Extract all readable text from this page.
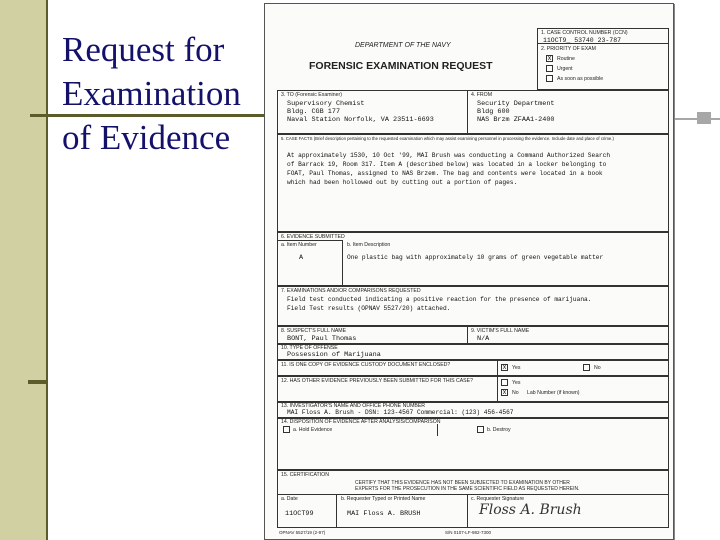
Request for
Examination
of Evidence
DEPARTMENT OF THE NAVY
FORENSIC EXAMINATION REQUEST
1. CASE CONTROL NUMBER (CCN)
11OCT9_ 53740 23-787
2. PRIORITY OF EXAM
x	Routine
Urgent
As soon as possible
3. TO (Forensic Examiner)
Supervisory Chemist
Bldg. CGB 177
Naval Station Norfolk, VA 23511-6693
4. FROM
Security Department
Bldg 600
NAS Brzm ZFAA1-2400
5. CASE FACTS (Brief description pertaining to the requested examination which may assist examining personnel in processing the evidence. Include date and place of crime.)
At approximately 1530, 10 Oct '99, MAI Brush was conducting a Command Authorized Search
of Barrack 19, Room 317. Item A (described below) was located in a locker belonging to
FOAT, Paul Thomas, assigned to NAS Brzem. The bag and contents were located in a book
which had been hollowed out by cutting out a portion of pages.
6. EVIDENCE SUBMITTED
a. Item Number	b. Item Description
A	One plastic bag with approximately 10 grams of green vegetable matter
7. EXAMINATIONS AND/OR COMPARISONS REQUESTED
Field test conducted indicating a positive reaction for the presence of marijuana.
Field Test results (OPNAV 5527/20) attached.
8. SUSPECT'S FULL NAME
BONT, Paul Thomas
9. VICTIM'S FULL NAME
N/A
10. TYPE OF OFFENSE
Possession of Marijuana
11. IS ONE COPY OF EVIDENCE CUSTODY DOCUMENT ENCLOSED?	x	Yes	No
12. HAS OTHER EVIDENCE PREVIOUSLY BEEN SUBMITTED FOR THIS CASE?	Yes
x	No Lab Number (if known)
13. INVESTIGATOR'S NAME AND OFFICE PHONE NUMBER
MAI Floss A. Brush - DSN: 123-4567 Commercial: (123) 456-4567
14. DISPOSITION OF EVIDENCE AFTER ANALYSIS/COMPARISON
a. Hold Evidence	b. Destroy
15. CERTIFICATION
CERTIFY THAT THIS EVIDENCE HAS NOT BEEN SUBJECTED TO EXAMINATION BY OTHER
EXPERTS FOR THE PROSECUTION IN THE SAME SCIENTIFIC FIELD AS REQUESTED HEREIN.
a. Date
11OCT99
b. Requester Typed or Printed Name
MAI Floss A. BRUSH
c. Requester Signature
Floss A. Brush
OPNAV 5527/19 (2-97)	S/N 0107-LF-982-7300
